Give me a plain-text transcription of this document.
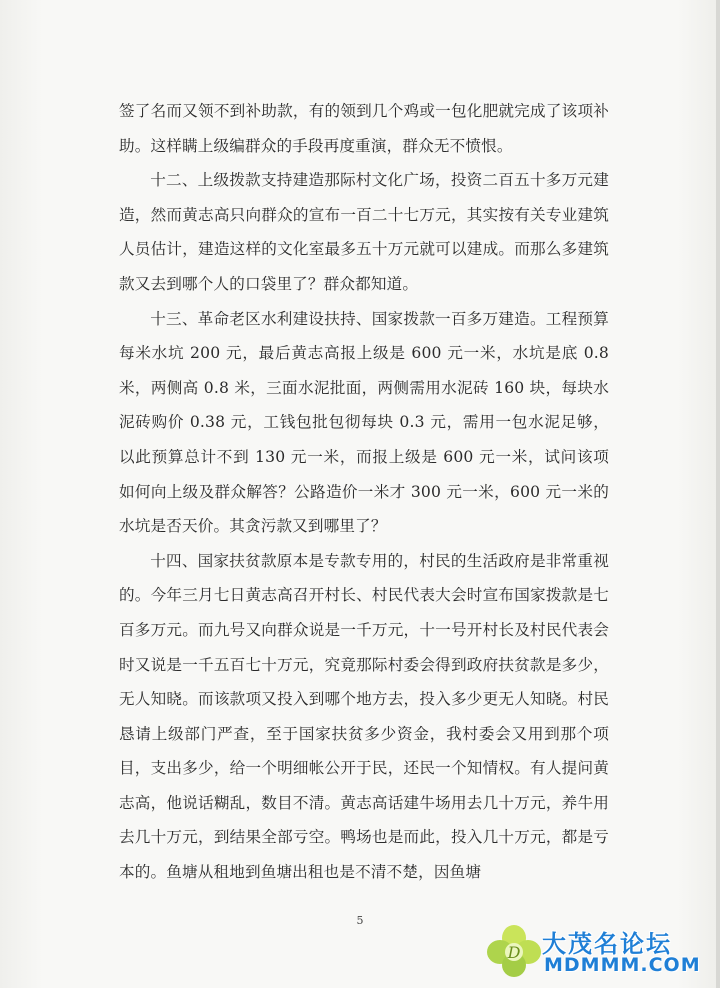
签了名而又领不到补助款，有的领到几个鸡或一包化肥就完成了该项补助。这样瞒上级编群众的手段再度重演，群众无不愤恨。

十二、上级拨款支持建造那际村文化广场，投资二百五十多万元建造，然而黄志高只向群众的宣布一百二十七万元，其实按有关专业建筑人员估计，建造这样的文化室最多五十万元就可以建成。而那么多建筑款又去到哪个人的口袋里了？群众都知道。

十三、革命老区水利建设扶持、国家拨款一百多万建造。工程预算每米水坑 200 元，最后黄志高报上级是 600 元一米，水坑是底 0.8 米，两侧高 0.8 米，三面水泥批面，两侧需用水泥砖 160 块，每块水泥砖购价 0.38 元，工钱包批包彻每块 0.3 元，需用一包水泥足够，以此预算总计不到 130 元一米，而报上级是 600 元一米，试问该项如何向上级及群众解答？公路造价一米才 300 元一米，600 元一米的水坑是否天价。其贪污款又到哪里了？

十四、国家扶贫款原本是专款专用的，村民的生活政府是非常重视的。今年三月七日黄志高召开村长、村民代表大会时宣布国家拨款是七百多万元。而九号又向群众说是一千万元，十一号开村长及村民代表会时又说是一千五百七十万元，究竟那际村委会得到政府扶贫款是多少，无人知晓。而该款项又投入到哪个地方去，投入多少更无人知晓。村民恳请上级部门严查，至于国家扶贫多少资金，我村委会又用到那个项目，支出多少，给一个明细帐公开于民，还民一个知情权。有人提问黄志高，他说话糊乱，数目不清。黄志高话建牛场用去几十万元，养牛用去几十万元，到结果全部亏空。鸭场也是而此，投入几十万元，都是亏本的。鱼塘从租地到鱼塘出租也是不清不楚，因鱼塘

5
D 大茂名论坛
MDMMM.COM
